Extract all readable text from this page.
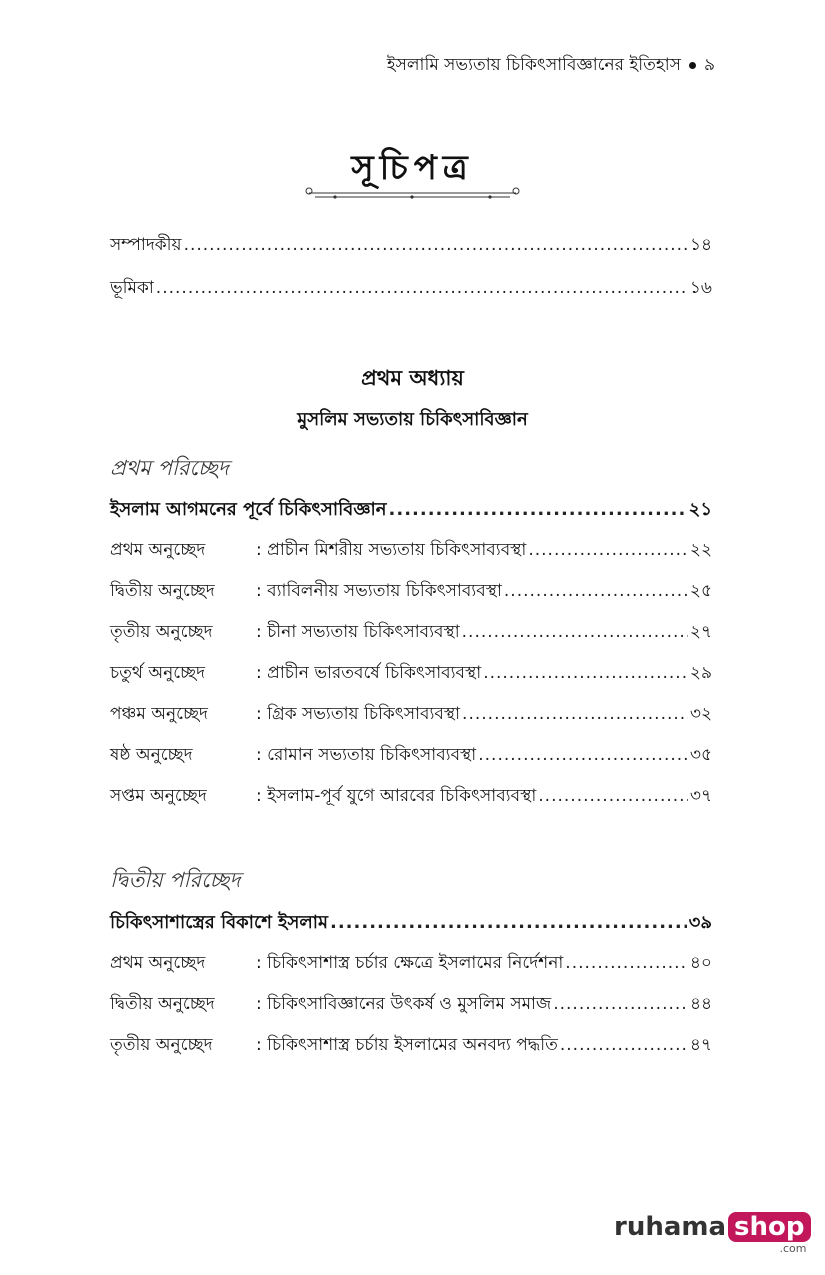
ইসলামি সভ্যতায় চিকিৎসাবিজ্ঞানের ইতিহাস ৯
সূচিপত্র
সম্পাদকীয় .....	১৪
ভূমিকা .....	১৬
প্রথম অধ্যায়
মুসলিম সভ্যতায় চিকিৎসাবিজ্ঞান
প্রথম পরিচ্ছেদ
ইসলাম আগমনের পূর্বে চিকিৎসাবিজ্ঞান .....	২১
প্রথম অনুচ্ছেদ	: প্রাচীন মিশরীয় সভ্যতায় চিকিৎসাব্যবস্থা .....	২২
দ্বিতীয় অনুচ্ছেদ	: ব্যাবিলনীয় সভ্যতায় চিকিৎসাব্যবস্থা .....	২৫
তৃতীয় অনুচ্ছেদ	: চীনা সভ্যতায় চিকিৎসাব্যবস্থা .....	২৭
চতুর্থ অনুচ্ছেদ	: প্রাচীন ভারতবর্ষে চিকিৎসাব্যবস্থা .....	২৯
পঞ্চম অনুচ্ছেদ	: গ্রিক সভ্যতায় চিকিৎসাব্যবস্থা .....	৩২
ষষ্ঠ অনুচ্ছেদ	: রোমান সভ্যতায় চিকিৎসাব্যবস্থা .....	৩৫
সপ্তম অনুচ্ছেদ	: ইসলাম-পূর্ব যুগে আরবের চিকিৎসাব্যবস্থা .....	৩৭
দ্বিতীয় পরিচ্ছেদ
চিকিৎসাশাস্ত্রের বিকাশে ইসলাম .....	৩৯
প্রথম অনুচ্ছেদ	: চিকিৎসাশাস্ত্র চর্চার ক্ষেত্রে ইসলামের নির্দেশনা .....	৪০
দ্বিতীয় অনুচ্ছেদ	: চিকিৎসাবিজ্ঞানের উৎকর্ষ ও মুসলিম সমাজ .....	৪৪
তৃতীয় অনুচ্ছেদ	: চিকিৎসাশাস্ত্র চর্চায় ইসলামের অনবদ্য পদ্ধতি .....	৪৭
ruhama shop
.com
